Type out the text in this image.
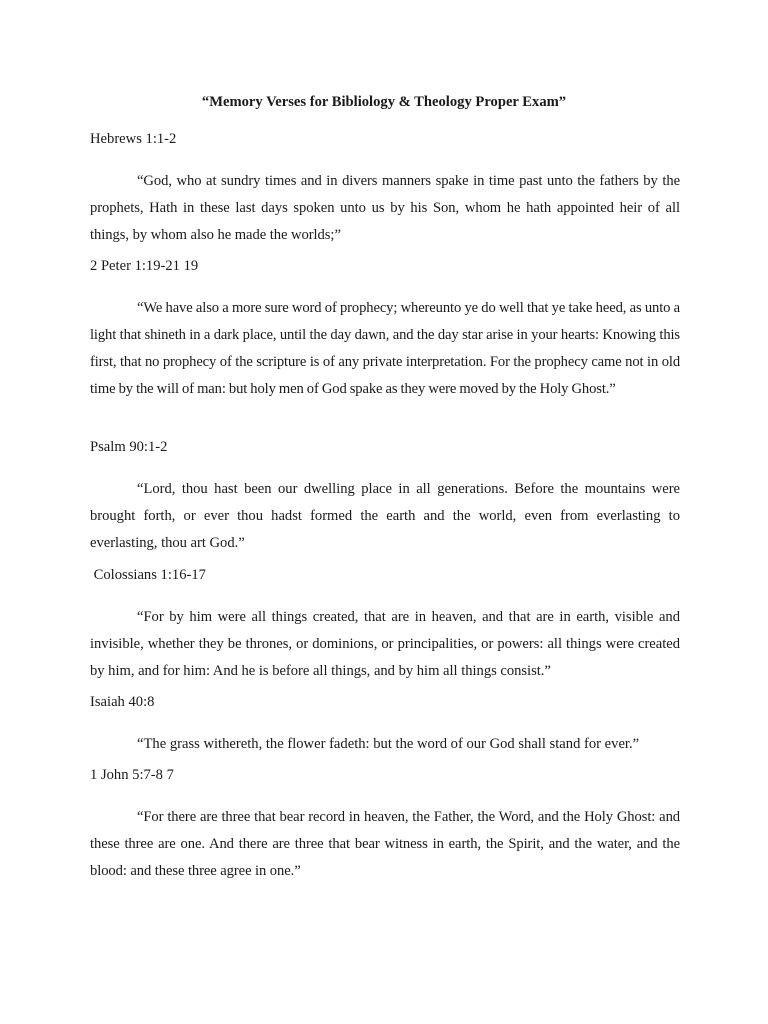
“Memory Verses for Bibliology & Theology Proper Exam”
Hebrews 1:1-2
“God, who at sundry times and in divers manners spake in time past unto the fathers by the prophets, Hath in these last days spoken unto us by his Son, whom he hath appointed heir of all things, by whom also he made the worlds;”
2 Peter 1:19-21 19
“We have also a more sure word of prophecy; whereunto ye do well that ye take heed, as unto a light that shineth in a dark place, until the day dawn, and the day star arise in your hearts: Knowing this first, that no prophecy of the scripture is of any private interpretation. For the prophecy came not in old time by the will of man: but holy men of God spake as they were moved by the Holy Ghost.”
Psalm 90:1-2
“Lord, thou hast been our dwelling place in all generations. Before the mountains were brought forth, or ever thou hadst formed the earth and the world, even from everlasting to everlasting, thou art God.”
Colossians 1:16-17
“For by him were all things created, that are in heaven, and that are in earth, visible and invisible, whether they be thrones, or dominions, or principalities, or powers: all things were created by him, and for him: And he is before all things, and by him all things consist.”
Isaiah 40:8
“The grass withereth, the flower fadeth: but the word of our God shall stand for ever.”
1 John 5:7-8 7
“For there are three that bear record in heaven, the Father, the Word, and the Holy Ghost: and these three are one. And there are three that bear witness in earth, the Spirit, and the water, and the blood: and these three agree in one.”
